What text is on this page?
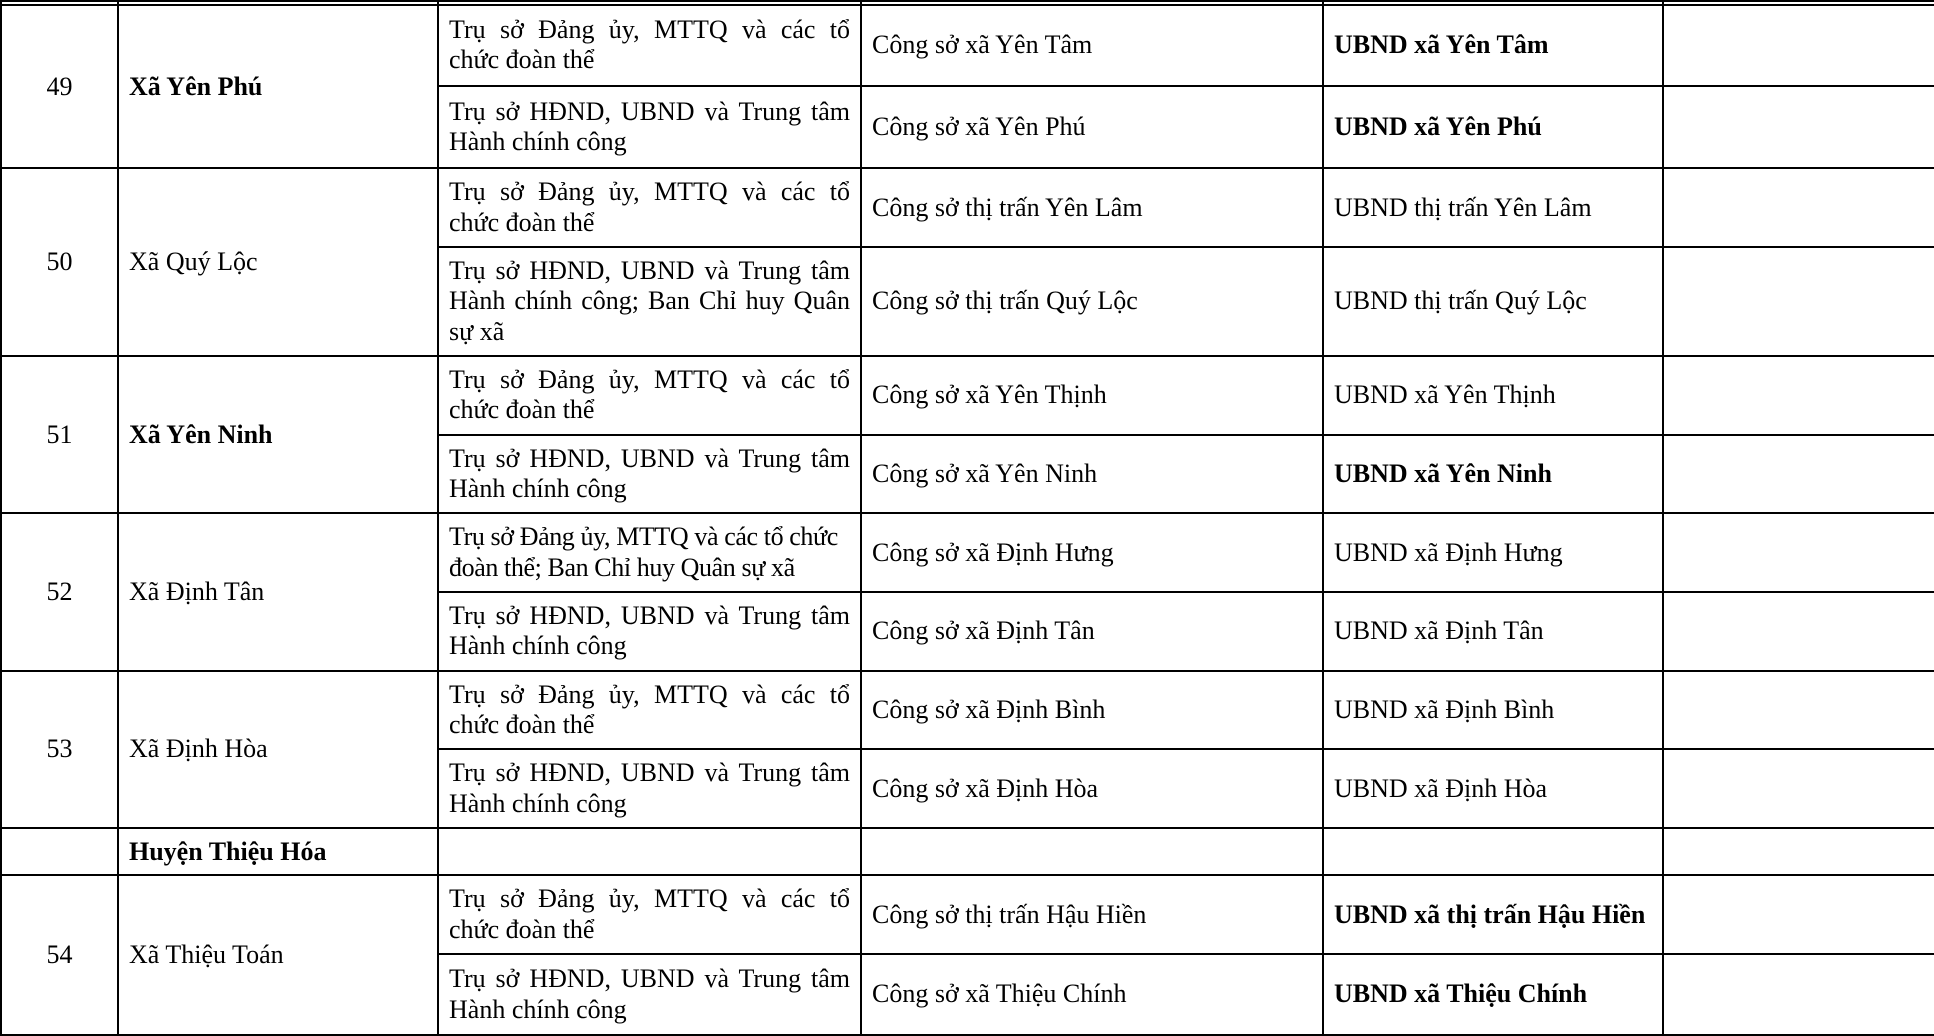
49	Xã Yên Phú	Trụ sở Đảng ủy, MTTQ và các tổ chức đoàn thể	Công sở xã Yên Tâm	UBND xã Yên Tâm	
		Trụ sở HĐND, UBND và Trung tâm Hành chính công	Công sở xã Yên Phú	UBND xã Yên Phú	
50	Xã Quý Lộc	Trụ sở Đảng ủy, MTTQ và các tổ chức đoàn thể	Công sở thị trấn Yên Lâm	UBND thị trấn Yên Lâm	
		Trụ sở HĐND, UBND và Trung tâm Hành chính công; Ban Chỉ huy Quân sự xã	Công sở thị trấn Quý Lộc	UBND thị trấn Quý Lộc	
51	Xã Yên Ninh	Trụ sở Đảng ủy, MTTQ và các tổ chức đoàn thể	Công sở xã Yên Thịnh	UBND xã Yên Thịnh	
		Trụ sở HĐND, UBND và Trung tâm Hành chính công	Công sở xã Yên Ninh	UBND xã Yên Ninh	
52	Xã Định Tân	Trụ sở Đảng ủy, MTTQ và các tổ chức đoàn thể; Ban Chỉ huy Quân sự xã	Công sở xã Định Hưng	UBND xã Định Hưng	
		Trụ sở HĐND, UBND và Trung tâm Hành chính công	Công sở xã Định Tân	UBND xã Định Tân	
53	Xã Định Hòa	Trụ sở Đảng ủy, MTTQ và các tổ chức đoàn thể	Công sở xã Định Bình	UBND xã Định Bình	
		Trụ sở HĐND, UBND và Trung tâm Hành chính công	Công sở xã Định Hòa	UBND xã Định Hòa	
	Huyện Thiệu Hóa				
54	Xã Thiệu Toán	Trụ sở Đảng ủy, MTTQ và các tổ chức đoàn thể	Công sở thị trấn Hậu Hiền	UBND xã thị trấn Hậu Hiền	
		Trụ sở HĐND, UBND và Trung tâm Hành chính công	Công sở xã Thiệu Chính	UBND xã Thiệu Chính	
